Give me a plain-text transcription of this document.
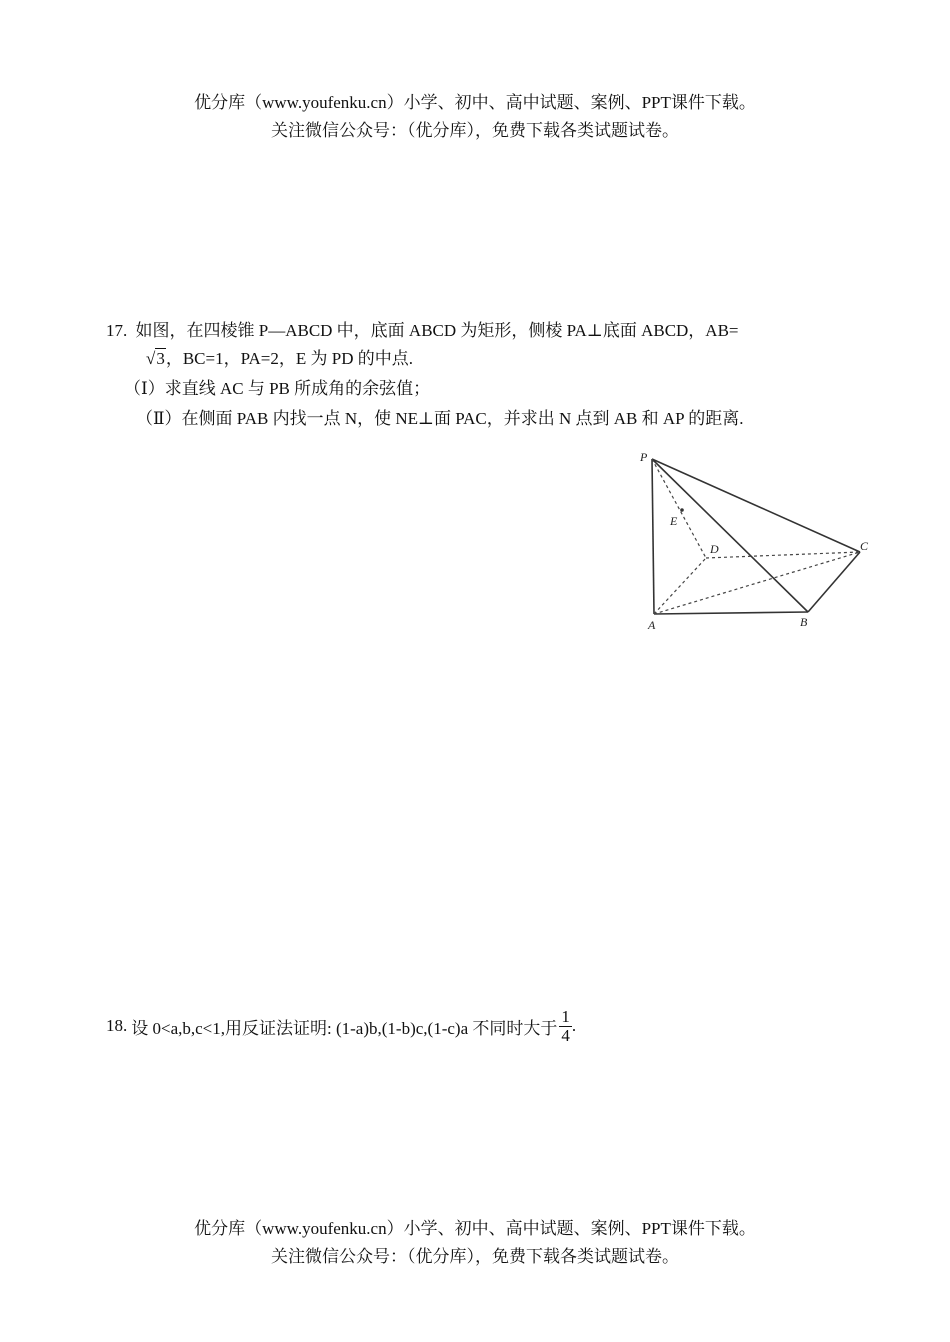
优分库（www.youfenku.cn）小学、初中、高中试题、案例、PPT课件下载。
关注微信公众号：（优分库），免费下载各类试题试卷。
17. 如图，在四棱锥 P—ABCD 中，底面 ABCD 为矩形，侧棱 PA⊥底面 ABCD，AB=
√3，BC=1，PA=2，E 为 PD 的中点.
（Ⅰ）求直线 AC 与 PB 所成角的余弦值；
（Ⅱ）在侧面 PAB 内找一点 N，使 NE⊥面 PAC，并求出 N 点到 AB 和 AP 的距离.
P
E
D	C
A	B
18. 设 0<a,b,c<1,用反证法证明: (1-a)b,(1-b)c,(1-c)a 不同时大于 $\frac{1}{4}$ .
优分库（www.youfenku.cn）小学、初中、高中试题、案例、PPT课件下载。
关注微信公众号：（优分库），免费下载各类试题试卷。
